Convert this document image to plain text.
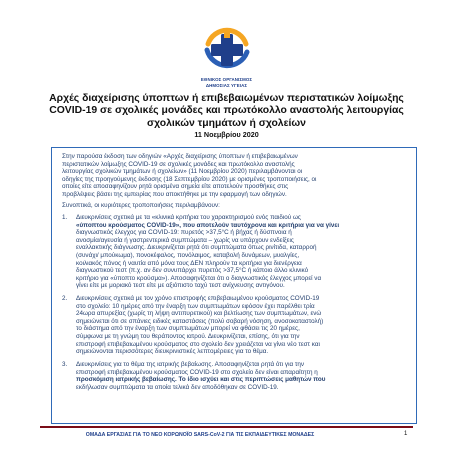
ΕΘΝΙΚΟΣ ΟΡΓΑΝΙΣΜΟΣ
ΔΗΜΟΣΙΑΣ ΥΓΕΙΑΣ
Αρχές διαχείρισης ύποπτων ή επιβεβαιωμένων περιστατικών λοίμωξης
COVID-19 σε σχολικές μονάδες και πρωτόκολλο αναστολής λειτουργίας
σχολικών τμημάτων ή σχολείων
11 Νοεμβρίου 2020
Στην παρούσα έκδοση των οδηγιών «Αρχές διαχείρισης ύποπτων ή επιβεβαιωμένων
περιστατικών λοίμωξης COVID-19 σε σχολικές μονάδες και πρωτόκολλο αναστολής
λειτουργίας σχολικών τμημάτων ή σχολείων» (11 Νοεμβρίου 2020) περιλαμβάνονται οι
οδηγίες της προηγούμενης έκδοσης (18 Σεπτεμβρίου 2020) με ορισμένες τροποποιήσεις, οι
οποίες είτε αποσαφηνίζουν ρητά ορισμένα σημεία είτε αποτελούν προσθήκες στις
προβλέψεις βάσει της εμπειρίας που αποκτήθηκε με την εφαρμογή των οδηγιών.
Συνοπτικά, οι κυριότερες τροποποιήσεις περιλαμβάνουν:
1. Διευκρινίσεις σχετικά με τα «κλινικά κριτήρια του χαρακτηρισμού ενός παιδιού ως
«ύποπτου κρούσματος COVID-19», που αποτελούν ταυτόχρονα και κριτήρια για να γίνει
διαγνωστικός έλεγχος για COVID-19: πυρετός >37,5°C ή βήχας ή δύσπνοια ή
ανοσμία/αγευσία ή γαστρεντερικά συμπτώματα – χωρίς να υπάρχουν ενδείξεις
εναλλακτικής διάγνωσης. Διευκρινίζεται ρητά ότι συμπτώματα όπως ρινίτιδα, καταρροή
(συνάχι/ μπούκωμα), πονοκέφαλος, πονόλαιμος, καταβολή δυνάμεων, μυαλγίες,
κοιλιακός πόνος ή ναυτία από μόνα τους ΔΕΝ πληρούν τα κριτήρια για διενέργεια
διαγνωστικού τεστ (π.χ. αν δεν συνυπάρχει πυρετός >37,5°C ή κάποιο άλλο κλινικό
κριτήριο για «ύποπτο κρούσμα»). Αποσαφηνίζεται ότι ο διαγνωστικός έλεγχος μπορεί να
γίνει είτε με μοριακό τεστ είτε με αξιόπιστο ταχύ τεστ ανίχνευσης αντιγόνου.
2. Διευκρινίσεις σχετικά με τον χρόνο επιστροφής επιβεβαιωμένου κρούσματος COVID-19
στο σχολείο: 10 ημέρες από την έναρξη των συμπτωμάτων εφόσον έχει παρέλθει τρία
24ωρα απυρεξίας (χωρίς τη λήψη αντιπυρετικού) και βελτίωσης των συμπτωμάτων, ενώ
σημειώνεται ότι σε σπάνιες ειδικές καταστάσεις (πολύ σοβαρή νόσηση, ανοσοκαταστολή)
το διάστημα από την έναρξη των συμπτωμάτων μπορεί να φθάσει τις 20 ημέρες,
σύμφωνα με τη γνώμη του θεράποντος ιατρού. Διευκρινίζεται, επίσης, ότι για την
επιστροφή επιβεβαιωμένου κρούσματος στο σχολείο δεν χρειάζεται να γίνει νέο τεστ και
σημειώνονται περισσότερες διευκρινιστικές λεπτομέρειες για το θέμα.
3. Διευκρινίσεις για το θέμα της ιατρικής βεβαίωσης. Αποσαφηνίζεται ρητά ότι για την
επιστροφή επιβεβαιωμένου κρούσματος COVID-19 στο σχολείο δεν είναι απαραίτητη η
προσκόμιση ιατρικής βεβαίωσης. Το ίδιο ισχύει και στις περιπτώσεις μαθητών που
εκδήλωσαν συμπτώματα τα οποία τελικά δεν αποδόθηκαν σε COVID-19.
ΟΜΑΔΑ ΕΡΓΑΣΙΑΣ ΓΙΑ ΤΟ ΝΕΟ ΚΟΡΩΝΟΪΟ SARS-CoV-2 ΓΙΑ ΤΙΣ ΕΚΠΑΙΔΕΥΤΙΚΕΣ ΜΟΝΑΔΕΣ	1
